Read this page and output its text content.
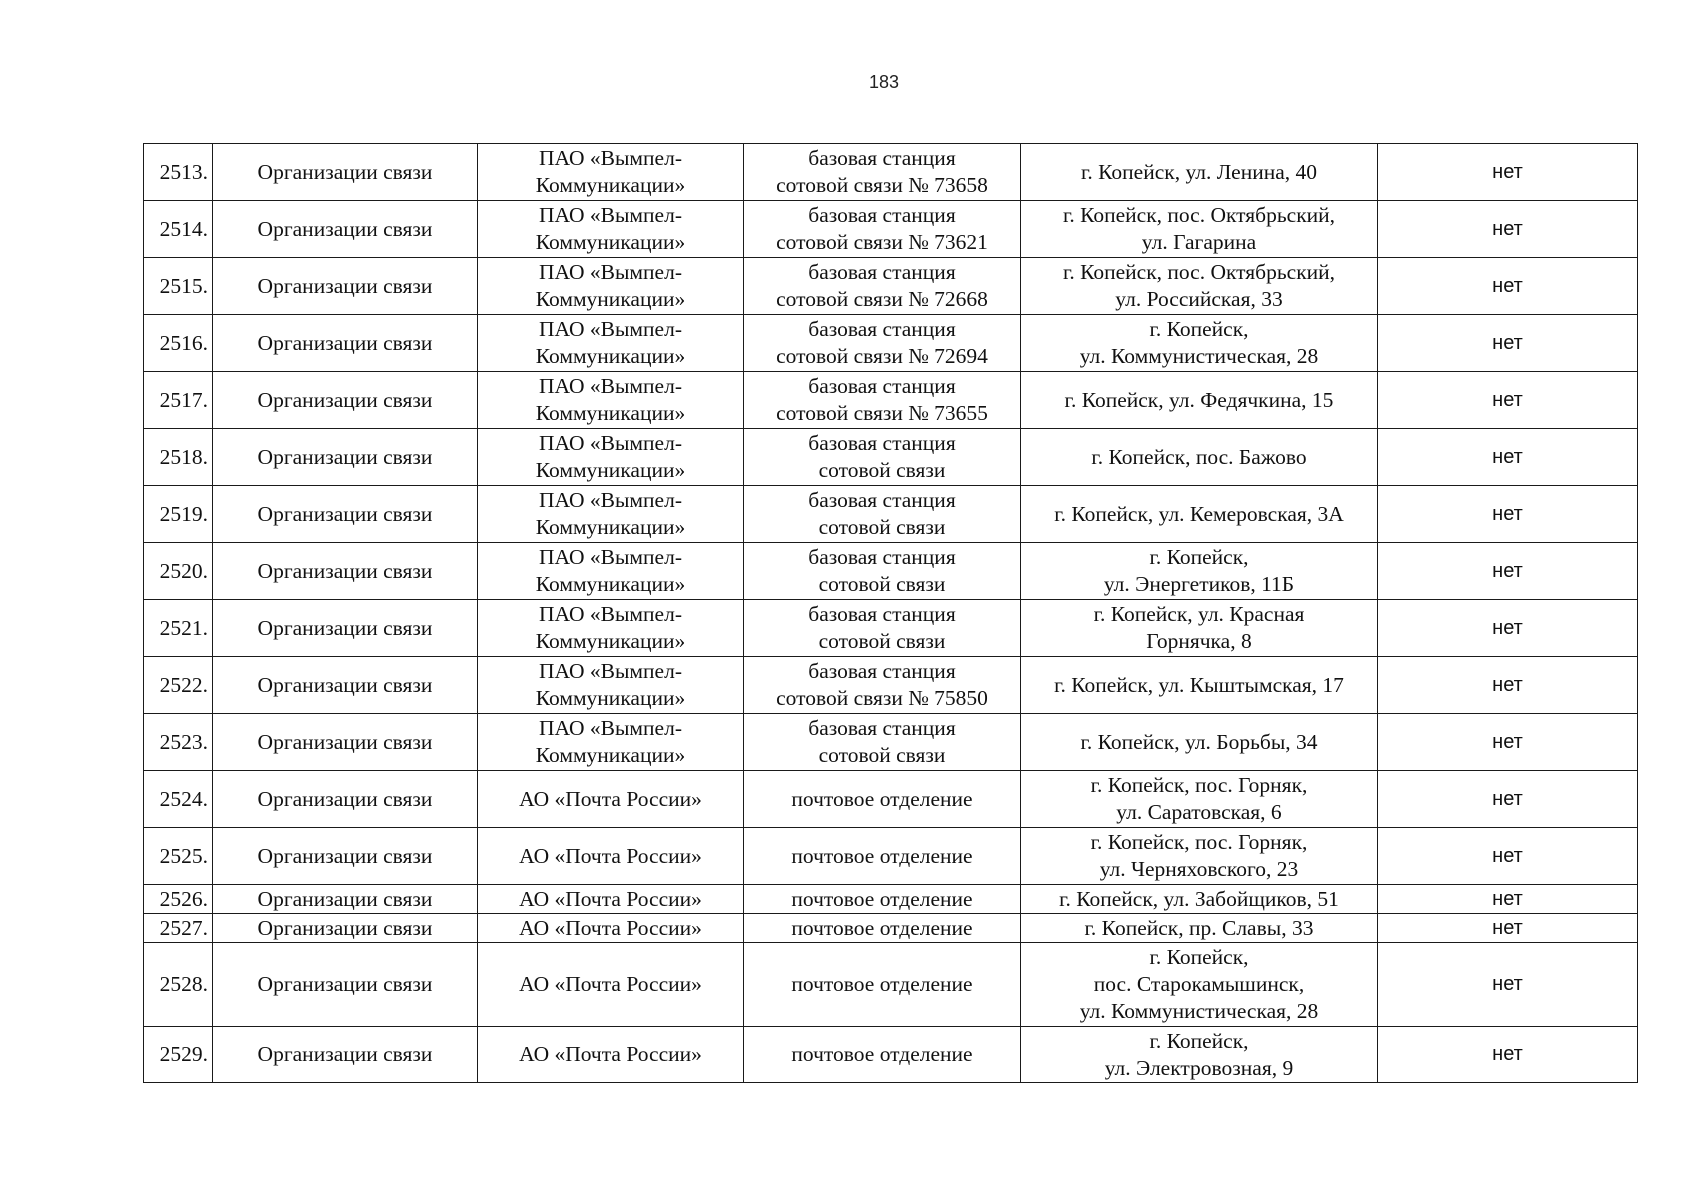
183
2513.	Организации связи	ПАО «Вымпел-
Коммуникации»	базовая станция
сотовой связи № 73658	г. Копейск, ул. Ленина, 40	нет
2514.	Организации связи	ПАО «Вымпел-
Коммуникации»	базовая станция
сотовой связи № 73621	г. Копейск, пос. Октябрьский,
ул. Гагарина	нет
2515.	Организации связи	ПАО «Вымпел-
Коммуникации»	базовая станция
сотовой связи № 72668	г. Копейск, пос. Октябрьский,
ул. Российская, 33	нет
2516.	Организации связи	ПАО «Вымпел-
Коммуникации»	базовая станция
сотовой связи № 72694	г. Копейск,
ул. Коммунистическая, 28	нет
2517.	Организации связи	ПАО «Вымпел-
Коммуникации»	базовая станция
сотовой связи № 73655	г. Копейск, ул. Федячкина, 15	нет
2518.	Организации связи	ПАО «Вымпел-
Коммуникации»	базовая станция
сотовой связи	г. Копейск, пос. Бажово	нет
2519.	Организации связи	ПАО «Вымпел-
Коммуникации»	базовая станция
сотовой связи	г. Копейск, ул. Кемеровская, 3А	нет
2520.	Организации связи	ПАО «Вымпел-
Коммуникации»	базовая станция
сотовой связи	г. Копейск,
ул. Энергетиков, 11Б	нет
2521.	Организации связи	ПАО «Вымпел-
Коммуникации»	базовая станция
сотовой связи	г. Копейск, ул. Красная
Горнячка, 8	нет
2522.	Организации связи	ПАО «Вымпел-
Коммуникации»	базовая станция
сотовой связи № 75850	г. Копейск, ул. Кыштымская, 17	нет
2523.	Организации связи	ПАО «Вымпел-
Коммуникации»	базовая станция
сотовой связи	г. Копейск, ул. Борьбы, 34	нет
2524.	Организации связи	АО «Почта России»	почтовое отделение	г. Копейск, пос. Горняк,
ул. Саратовская, 6	нет
2525.	Организации связи	АО «Почта России»	почтовое отделение	г. Копейск, пос. Горняк,
ул. Черняховского, 23	нет
2526.	Организации связи	АО «Почта России»	почтовое отделение	г. Копейск, ул. Забойщиков, 51	нет
2527.	Организации связи	АО «Почта России»	почтовое отделение	г. Копейск, пр. Славы, 33	нет
2528.	Организации связи	АО «Почта России»	почтовое отделение	г. Копейск,
пос. Старокамышинск,
ул. Коммунистическая, 28	нет
2529.	Организации связи	АО «Почта России»	почтовое отделение	г. Копейск,
ул. Электровозная, 9	нет
